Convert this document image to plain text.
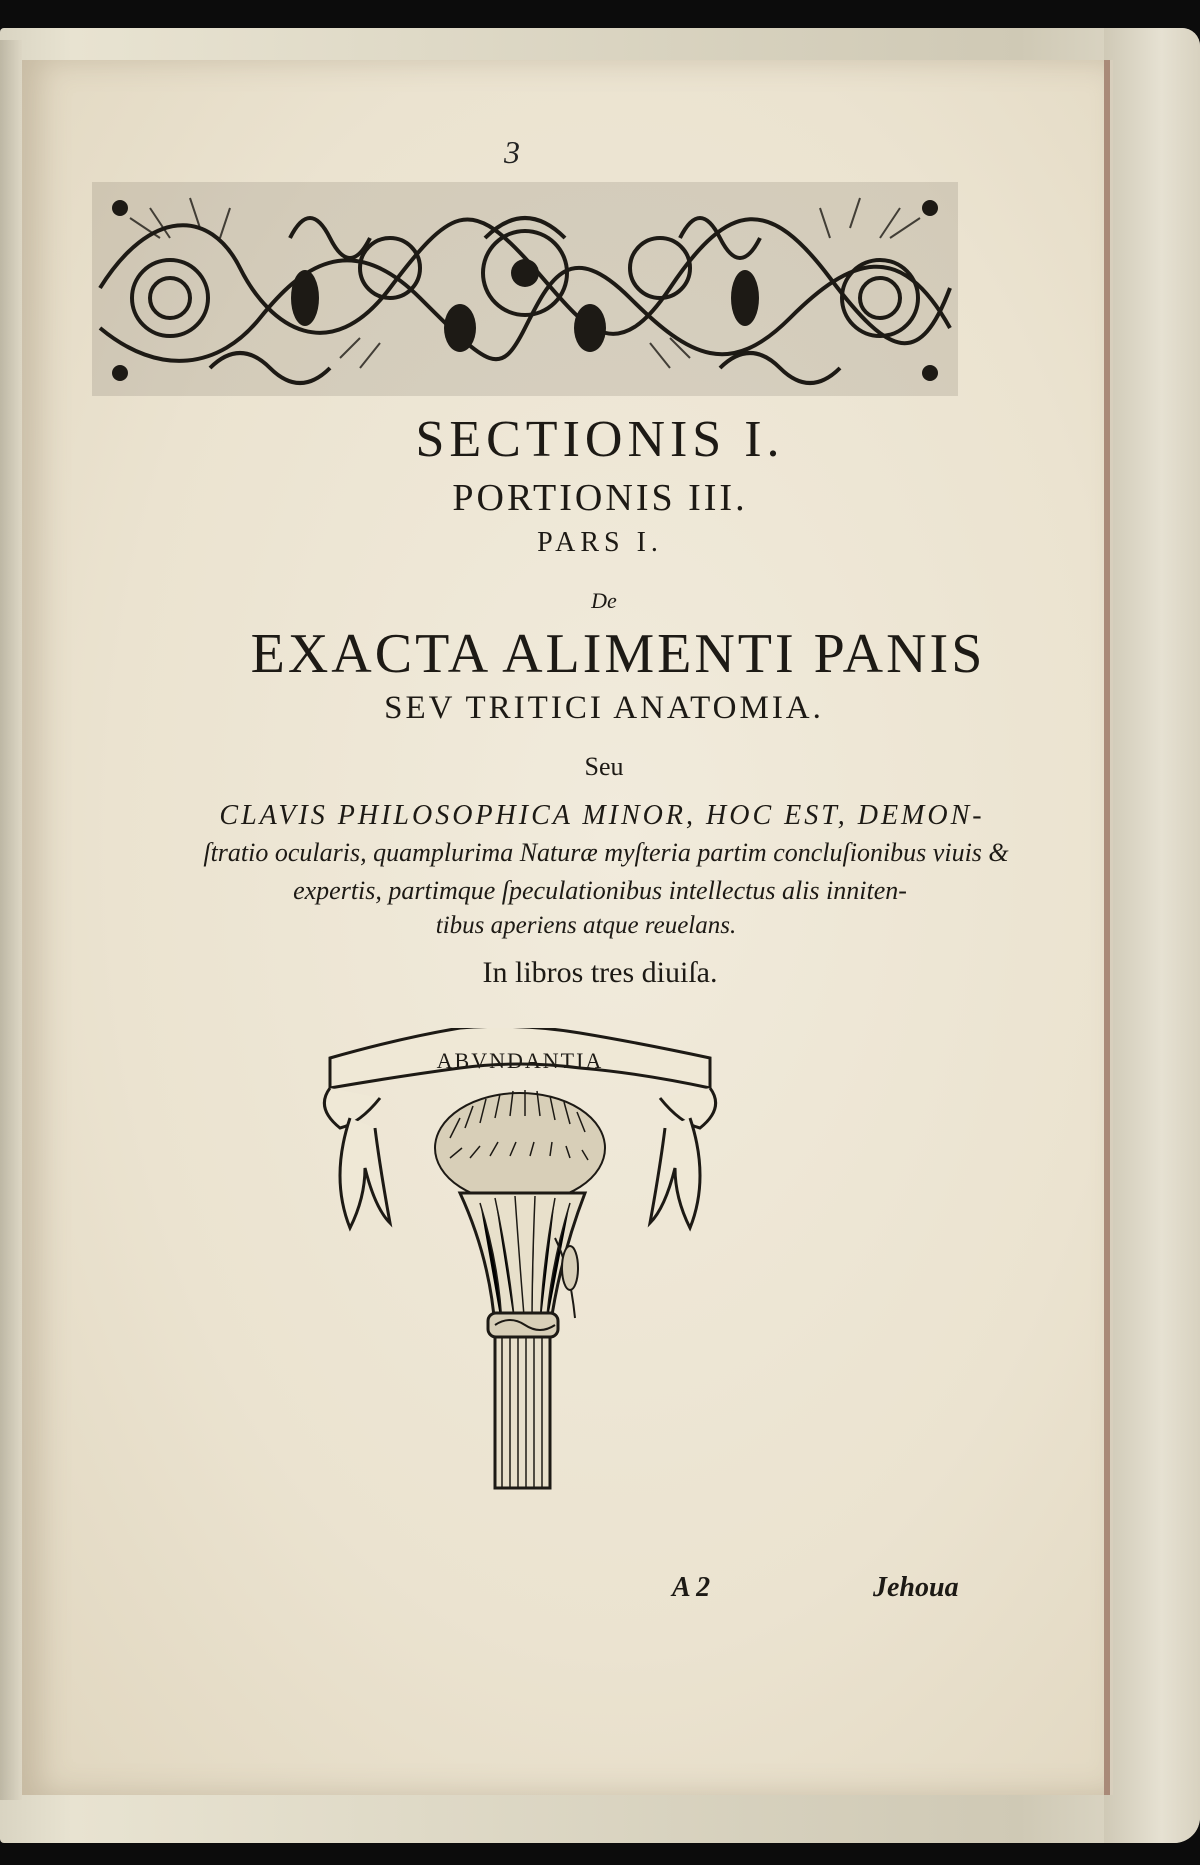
3
SECTIONIS I.
PORTIONIS III.
PARS I.
De
EXACTA ALIMENTI PANIS
SEV TRITICI ANATOMIA.
Seu
CLAVIS PHILOSOPHICA MINOR, HOC EST, DEMON-
ſtratio ocularis, quamplurima Naturæ myſteria partim concluſionibus viuis &
expertis, partimque ſpeculationibus intellectus alis inniten-
tibus aperiens atque reuelans.
In libros tres diuiſa.
ABVNDANTIA
A 2	Jehoua
